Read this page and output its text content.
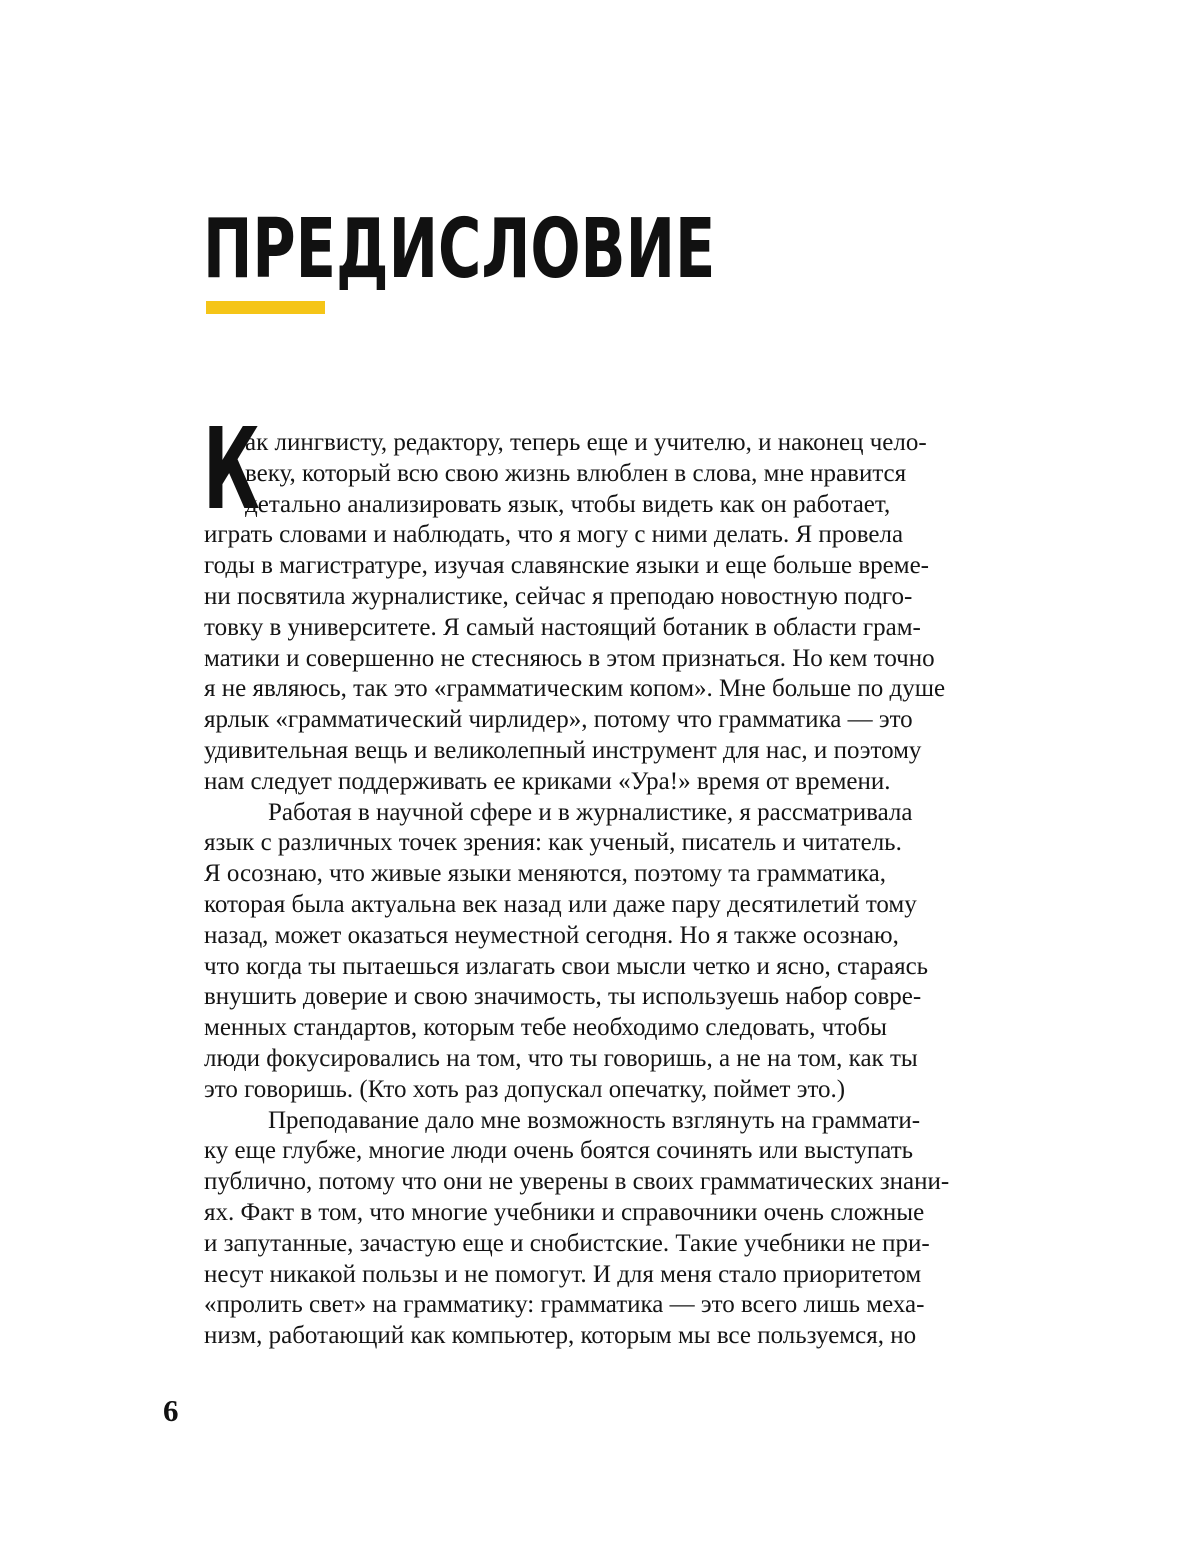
ПРЕДИСЛОВИЕ
К

ак лингвисту, редактору, теперь еще и учителю, и наконец чело-
веку, который всю свою жизнь влюблен в слова, мне нравится
детально анализировать язык, чтобы видеть как он работает,
играть словами и наблюдать, что я могу с ними делать. Я провела
годы в магистратуре, изучая славянские языки и еще больше време-
ни посвятила журналистике, сейчас я преподаю новостную подго-
товку в университете. Я самый настоящий ботаник в области грам-
матики и совершенно не стесняюсь в этом признаться. Но кем точно
я не являюсь, так это «грамматическим копом». Мне больше по душе
ярлык «грамматический чирлидер», потому что грамматика — это
удивительная вещь и великолепный инструмент для нас, и поэтому
нам следует поддерживать ее криками «Ура!» время от времени.

Работая в научной сфере и в журналистике, я рассматривала
язык с различных точек зрения: как ученый, писатель и читатель.
Я осознаю, что живые языки меняются, поэтому та грамматика,
которая была актуальна век назад или даже пару десятилетий тому
назад, может оказаться неуместной сегодня. Но я также осознаю,
что когда ты пытаешься излагать свои мысли четко и ясно, стараясь
внушить доверие и свою значимость, ты используешь набор совре-
менных стандартов, которым тебе необходимо следовать, чтобы
люди фокусировались на том, что ты говоришь, а не на том, как ты
это говоришь. (Кто хоть раз допускал опечатку, поймет это.)

Преподавание дало мне возможность взглянуть на граммати-
ку еще глубже, многие люди очень боятся сочинять или выступать
публично, потому что они не уверены в своих грамматических знани-
ях. Факт в том, что многие учебники и справочники очень сложные
и запутанные, зачастую еще и снобистские. Такие учебники не при-
несут никакой пользы и не помогут. И для меня стало приоритетом
«пролить свет» на грамматику: грамматика — это всего лишь меха-
низм, работающий как компьютер, которым мы все пользуемся, но

6
